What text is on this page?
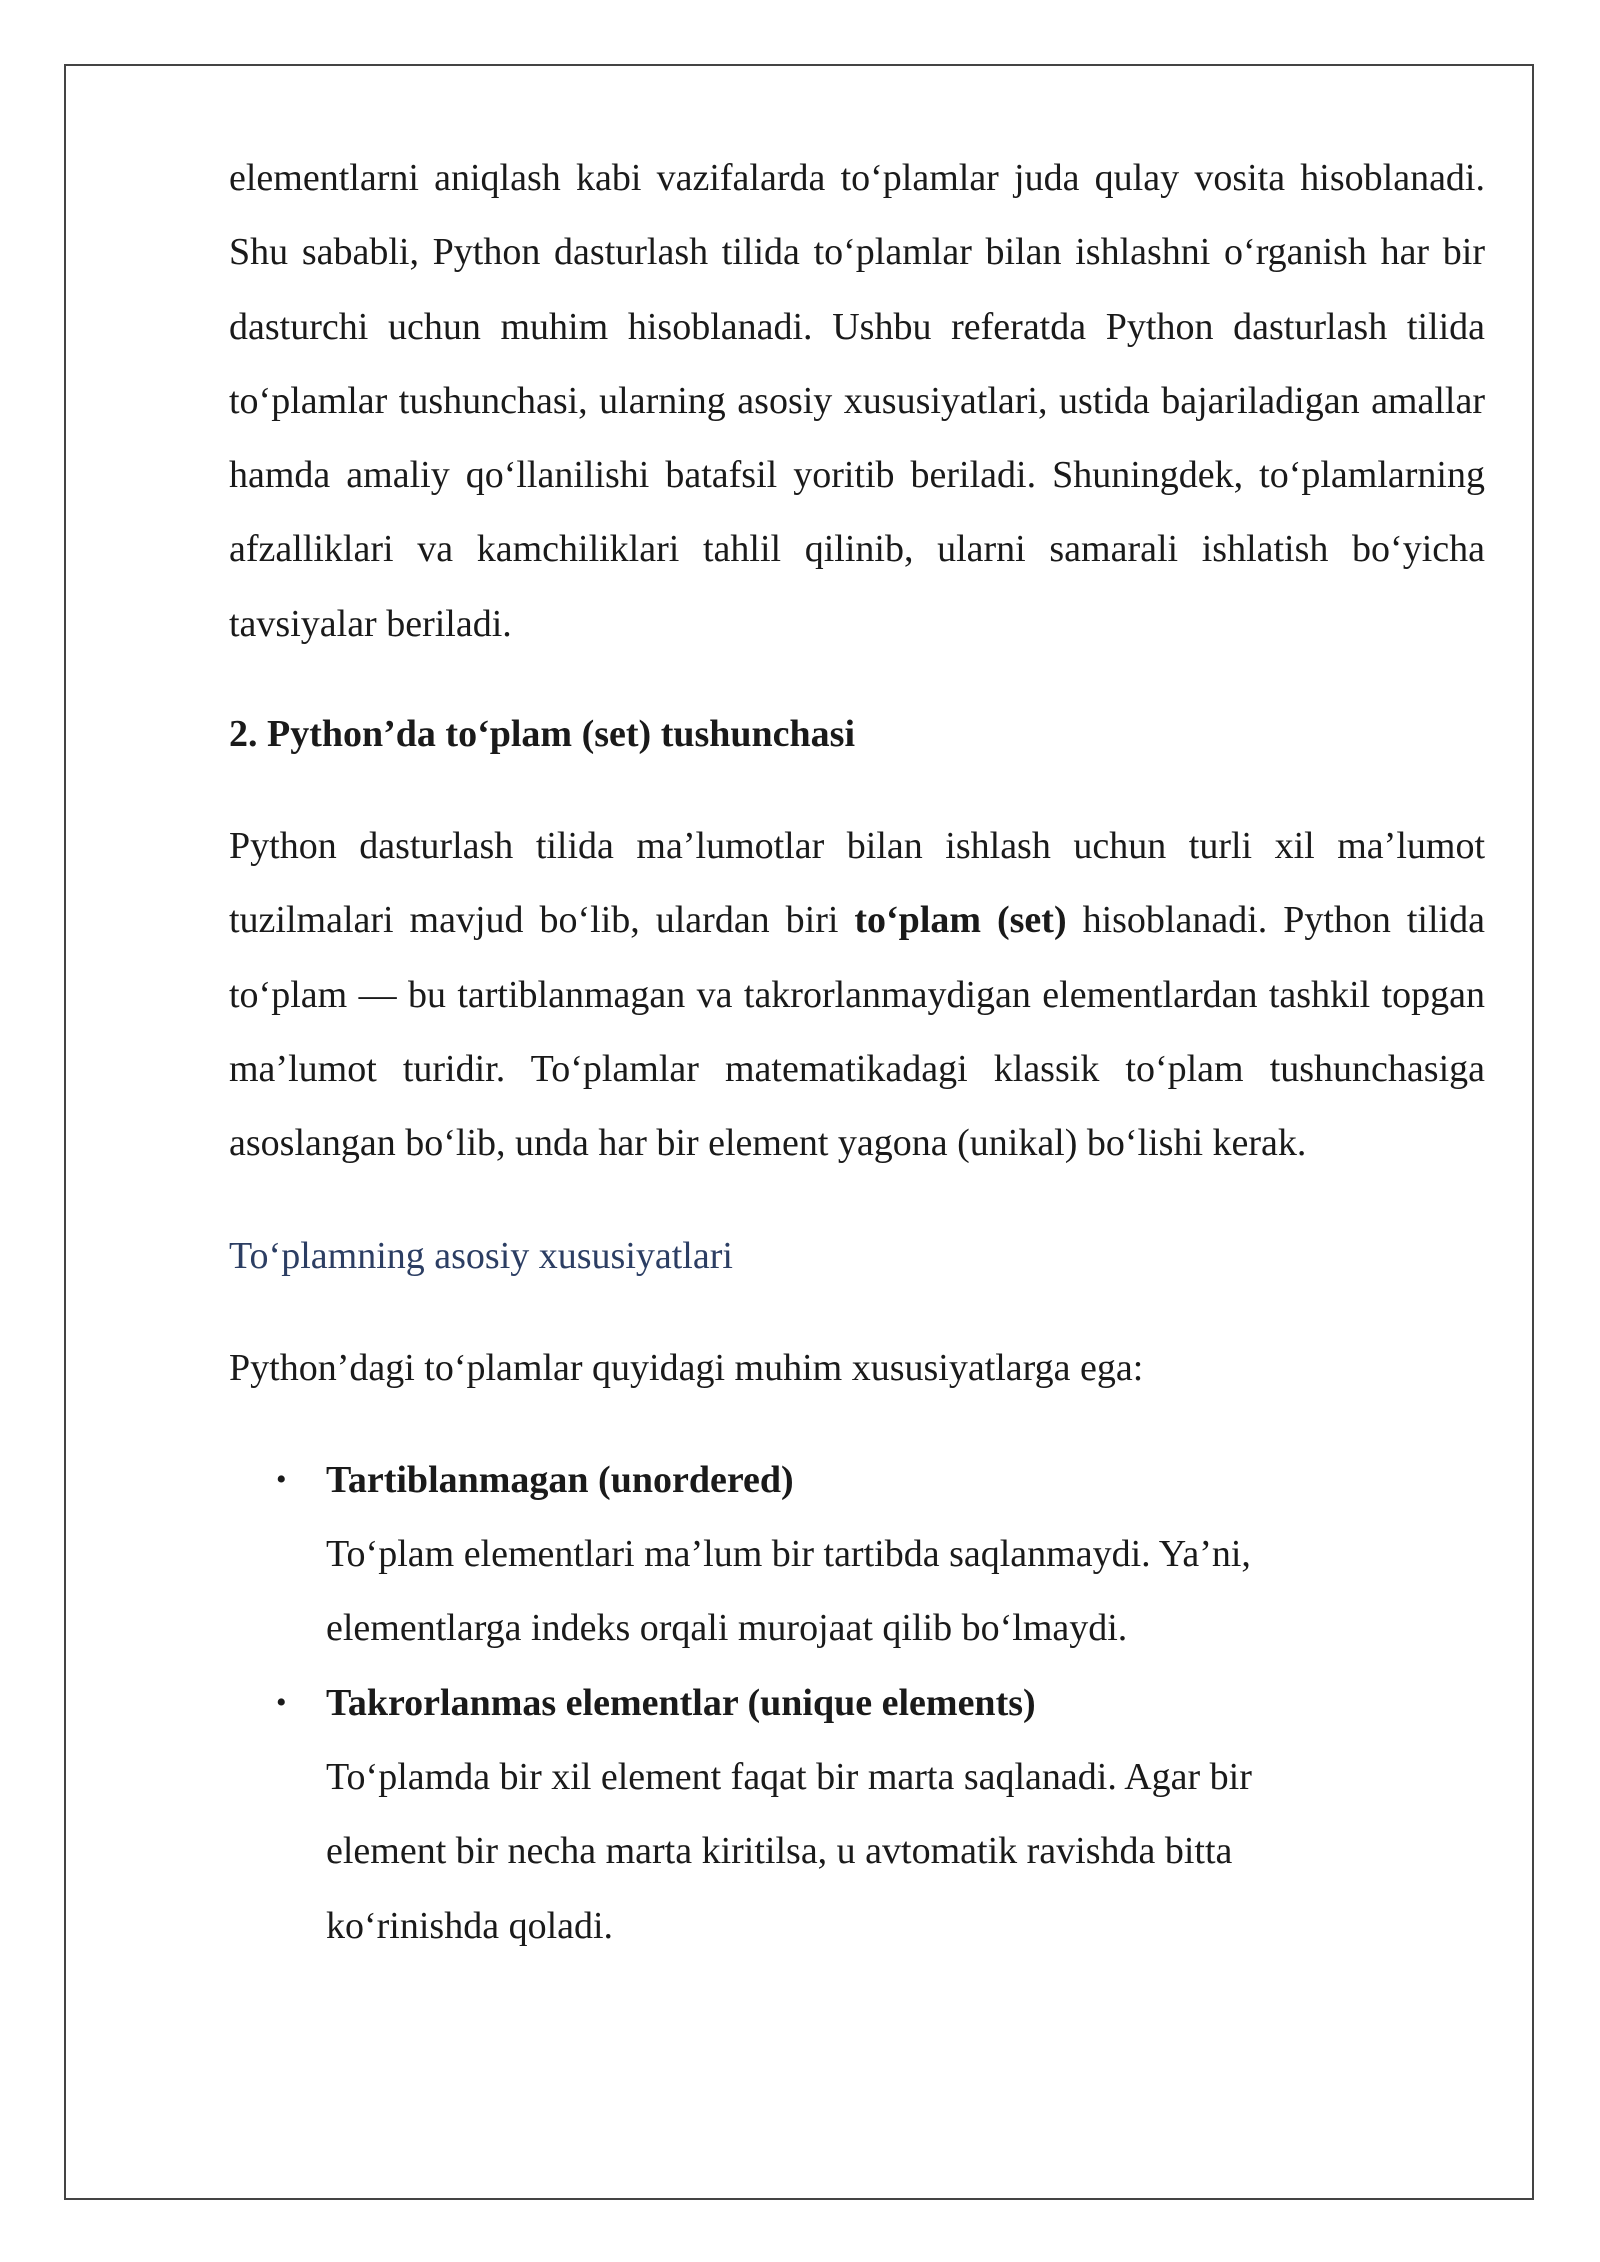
elementlarni aniqlash kabi vazifalarda to‘plamlar juda qulay vosita hisoblanadi. Shu sababli, Python dasturlash tilida to‘plamlar bilan ishlashni o‘rganish har bir dasturchi uchun muhim hisoblanadi. Ushbu referatda Python dasturlash tilida to‘plamlar tushunchasi, ularning asosiy xususiyatlari, ustida bajariladigan amallar hamda amaliy qo‘llanilishi batafsil yoritib beriladi. Shuningdek, to‘plamlarning afzalliklari va kamchiliklari tahlil qilinib, ularni samarali ishlatish bo‘yicha tavsiyalar beriladi.

2. Python’da to‘plam (set) tushunchasi

Python dasturlash tilida ma’lumotlar bilan ishlash uchun turli xil ma’lumot tuzilmalari mavjud bo‘lib, ulardan biri to‘plam (set) hisoblanadi. Python tilida to‘plam — bu tartiblanmagan va takrorlanmaydigan elementlardan tashkil topgan ma’lumot turidir. To‘plamlar matematikadagi klassik to‘plam tushunchasiga asoslangan bo‘lib, unda har bir element yagona (unikal) bo‘lishi kerak.

To‘plamning asosiy xususiyatlari

Python’dagi to‘plamlar quyidagi muhim xususiyatlarga ega:

• Tartiblanmagan (unordered)
To‘plam elementlari ma’lum bir tartibda saqlanmaydi. Ya’ni,
elementlarga indeks orqali murojaat qilib bo‘lmaydi.
• Takrorlanmas elementlar (unique elements)
To‘plamda bir xil element faqat bir marta saqlanadi. Agar bir
element bir necha marta kiritilsa, u avtomatik ravishda bitta
ko‘rinishda qoladi.
